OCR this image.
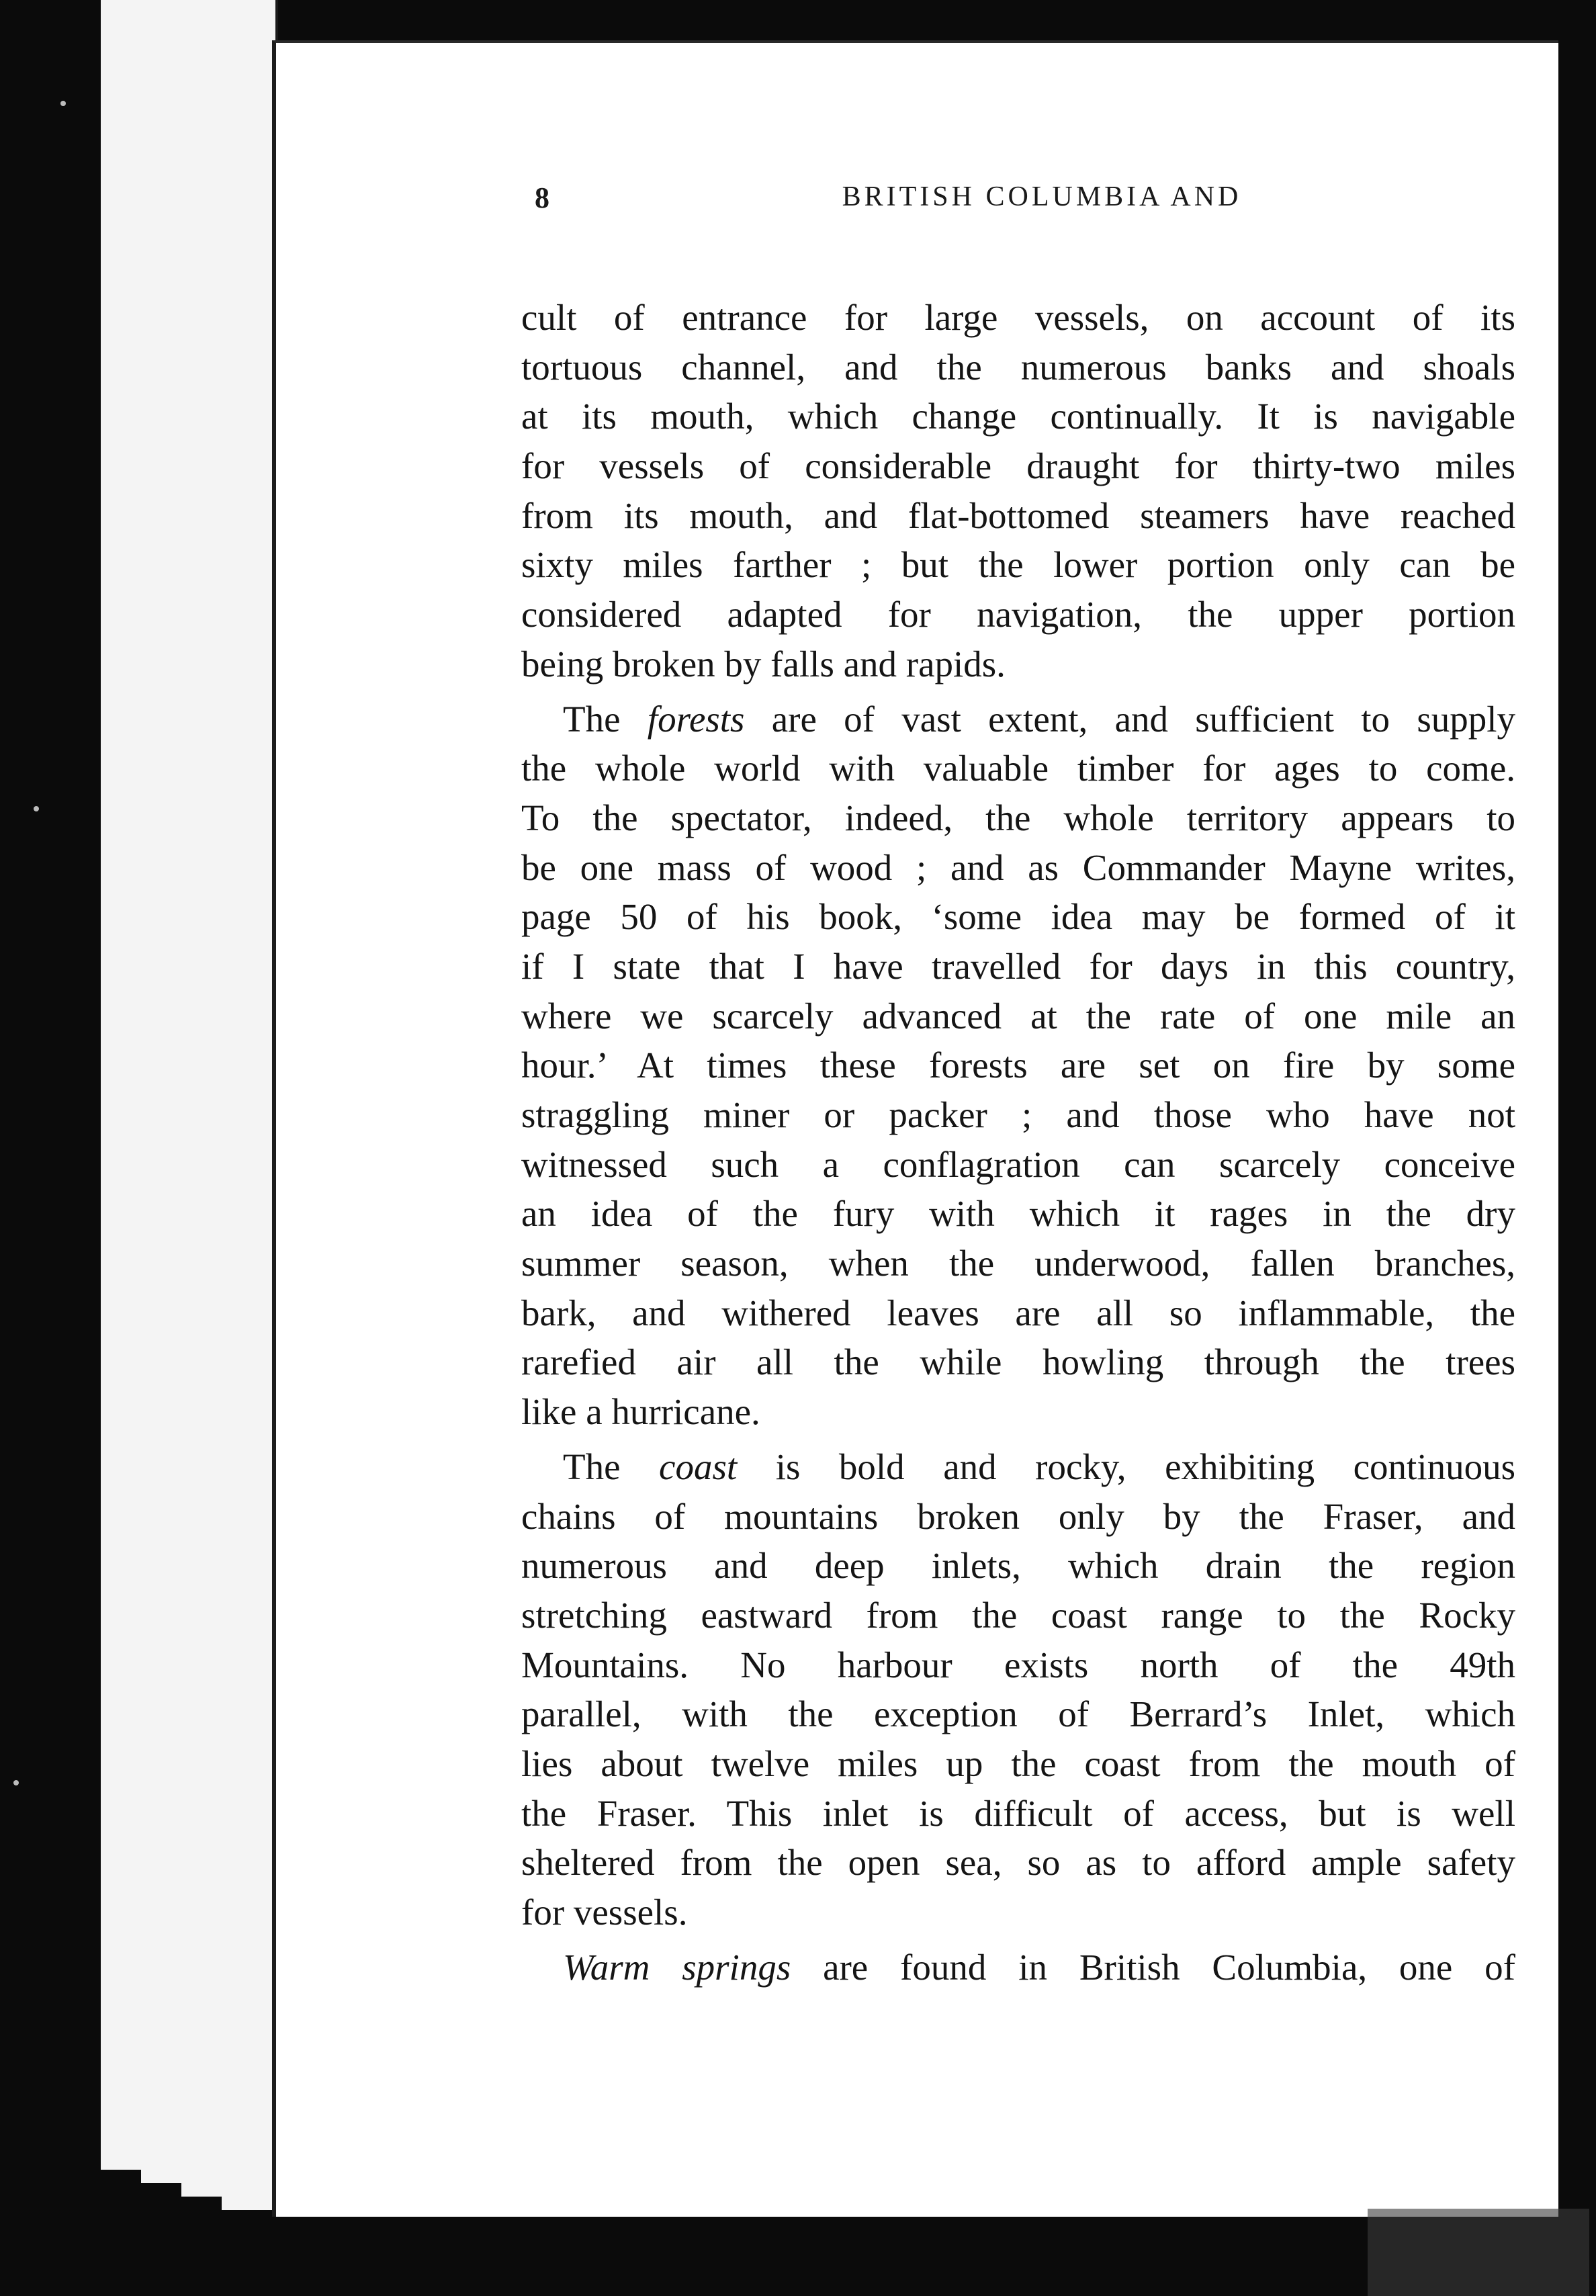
8	BRITISH COLUMBIA AND
cult of entrance for large vessels, on account of its
tortuous channel, and the numerous banks and shoals
at its mouth, which change continually. It is navigable
for vessels of considerable draught for thirty-two miles
from its mouth, and flat-bottomed steamers have reached
sixty miles farther ; but the lower portion only can be
considered adapted for navigation, the upper portion
being broken by falls and rapids.
The forests are of vast extent, and sufficient to supply
the whole world with valuable timber for ages to come.
To the spectator, indeed, the whole territory appears to
be one mass of wood ; and as Commander Mayne writes,
page 50 of his book, ‘some idea may be formed of it
if I state that I have travelled for days in this country,
where we scarcely advanced at the rate of one mile an
hour.’ At times these forests are set on fire by some
straggling miner or packer ; and those who have not
witnessed such a conflagration can scarcely conceive
an idea of the fury with which it rages in the dry
summer season, when the underwood, fallen branches,
bark, and withered leaves are all so inflammable, the
rarefied air all the while howling through the trees
like a hurricane.
The coast is bold and rocky, exhibiting continuous
chains of mountains broken only by the Fraser, and
numerous and deep inlets, which drain the region
stretching eastward from the coast range to the Rocky
Mountains. No harbour exists north of the 49th
parallel, with the exception of Berrard’s Inlet, which
lies about twelve miles up the coast from the mouth of
the Fraser. This inlet is difficult of access, but is well
sheltered from the open sea, so as to afford ample safety
for vessels.
Warm springs are found in British Columbia, one of
